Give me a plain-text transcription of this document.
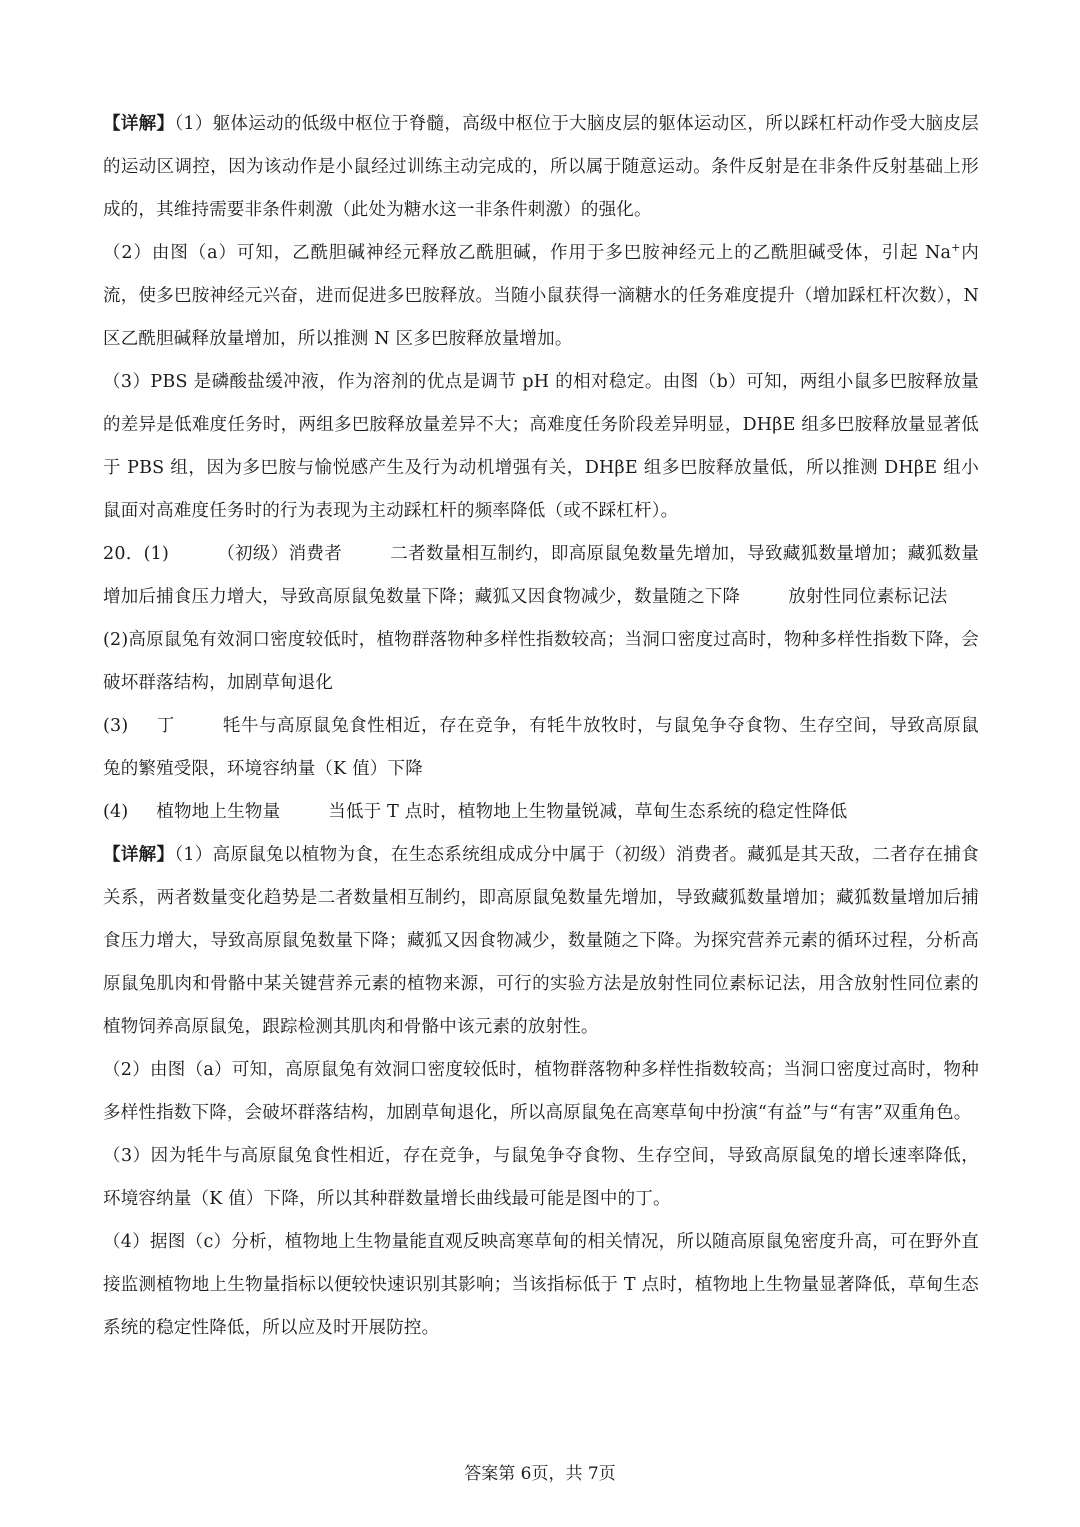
【详解】（1）躯体运动的低级中枢位于脊髓，高级中枢位于大脑皮层的躯体运动区，所以踩杠杆动作受大脑皮层的运动区调控，因为该动作是小鼠经过训练主动完成的，所以属于随意运动。条件反射是在非条件反射基础上形成的，其维持需要非条件刺激（此处为糖水这一非条件刺激）的强化。

（2）由图（a）可知，乙酰胆碱神经元释放乙酰胆碱，作用于多巴胺神经元上的乙酰胆碱受体，引起 Na+内流，使多巴胺神经元兴奋，进而促进多巴胺释放。当随小鼠获得一滴糖水的任务难度提升（增加踩杠杆次数），N 区乙酰胆碱释放量增加，所以推测 N 区多巴胺释放量增加。

（3）PBS 是磷酸盐缓冲液，作为溶剂的优点是调节 pH 的相对稳定。由图（b）可知，两组小鼠多巴胺释放量的差异是低难度任务时，两组多巴胺释放量差异不大；高难度任务阶段差异明显，DHβE 组多巴胺释放量显著低于 PBS 组，因为多巴胺与愉悦感产生及行为动机增强有关，DHβE 组多巴胺释放量低，所以推测 DHβE 组小鼠面对高难度任务时的行为表现为主动踩杠杆的频率降低（或不踩杠杆）。

20．(1)	（初级）消费者	二者数量相互制约，即高原鼠兔数量先增加，导致藏狐数量增加；藏狐数量增加后捕食压力增大，导致高原鼠兔数量下降；藏狐又因食物减少，数量随之下降	放射性同位素标记法

(2)高原鼠兔有效洞口密度较低时，植物群落物种多样性指数较高；当洞口密度过高时，物种多样性指数下降，会破坏群落结构，加剧草甸退化

(3) 丁	牦牛与高原鼠兔食性相近，存在竞争，有牦牛放牧时，与鼠兔争夺食物、生存空间，导致高原鼠兔的繁殖受限，环境容纳量（K 值）下降

(4) 植物地上生物量	当低于 T 点时，植物地上生物量锐减，草甸生态系统的稳定性降低

【详解】（1）高原鼠兔以植物为食，在生态系统组成成分中属于（初级）消费者。藏狐是其天敌，二者存在捕食关系，两者数量变化趋势是二者数量相互制约，即高原鼠兔数量先增加，导致藏狐数量增加；藏狐数量增加后捕食压力增大，导致高原鼠兔数量下降；藏狐又因食物减少，数量随之下降。为探究营养元素的循环过程，分析高原鼠兔肌肉和骨骼中某关键营养元素的植物来源，可行的实验方法是放射性同位素标记法，用含放射性同位素的植物饲养高原鼠兔，跟踪检测其肌肉和骨骼中该元素的放射性。

（2）由图（a）可知，高原鼠兔有效洞口密度较低时，植物群落物种多样性指数较高；当洞口密度过高时，物种多样性指数下降，会破坏群落结构，加剧草甸退化，所以高原鼠兔在高寒草甸中扮演“有益”与“有害”双重角色。

（3）因为牦牛与高原鼠兔食性相近，存在竞争，与鼠兔争夺食物、生存空间，导致高原鼠兔的增长速率降低，环境容纳量（K 值）下降，所以其种群数量增长曲线最可能是图中的丁。

（4）据图（c）分析，植物地上生物量能直观反映高寒草甸的相关情况，所以随高原鼠兔密度升高，可在野外直接监测植物地上生物量指标以便较快速识别其影响；当该指标低于 T 点时，植物地上生物量显著降低，草甸生态系统的稳定性降低，所以应及时开展防控。

答案第 6页，共 7页
